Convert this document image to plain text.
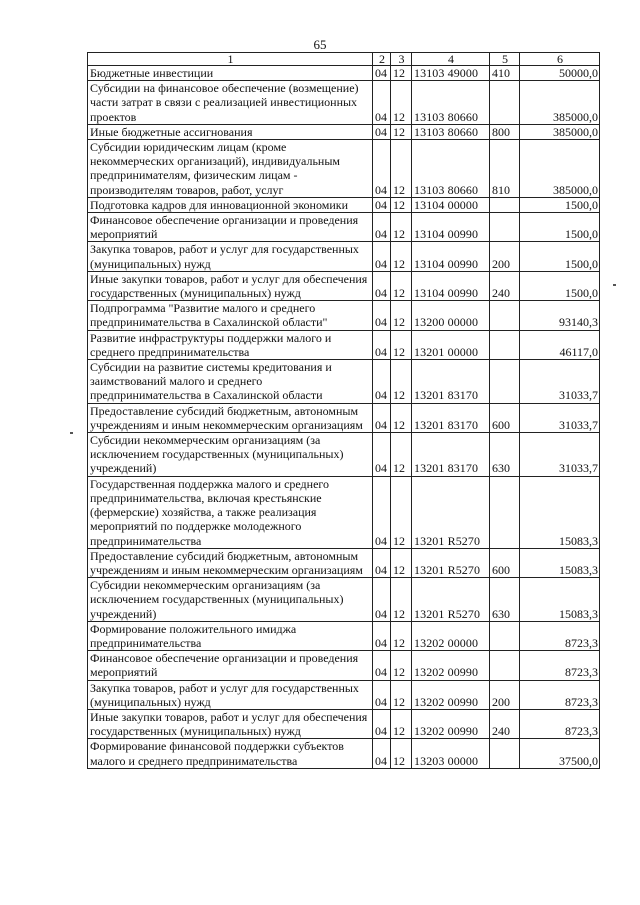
65
1	2	3	4	5	6
Бюджетные инвестиции	04	12	13103 49000	410	50000,0
Субсидии на финансовое обеспечение (возмещение) части затрат в связи с реализацией инвестиционных проектов	04	12	13103 80660		385000,0
Иные бюджетные ассигнования	04	12	13103 80660	800	385000,0
Субсидии юридическим лицам (кроме некоммерческих организаций), индивидуальным предпринимателям, физическим лицам - производителям товаров, работ, услуг	04	12	13103 80660	810	385000,0
Подготовка кадров для инновационной экономики	04	12	13104 00000		1500,0
Финансовое обеспечение организации и проведения мероприятий	04	12	13104 00990		1500,0
Закупка товаров, работ и услуг для государственных (муниципальных) нужд	04	12	13104 00990	200	1500,0
Иные закупки товаров, работ и услуг для обеспечения государственных (муниципальных) нужд	04	12	13104 00990	240	1500,0
Подпрограмма "Развитие малого и среднего предпринимательства в Сахалинской области"	04	12	13200 00000		93140,3
Развитие инфраструктуры поддержки малого и среднего предпринимательства	04	12	13201 00000		46117,0
Субсидии на развитие системы кредитования и заимствований малого и среднего предпринимательства в Сахалинской области	04	12	13201 83170		31033,7
Предоставление субсидий бюджетным, автономным учреждениям и иным некоммерческим организациям	04	12	13201 83170	600	31033,7
Субсидии некоммерческим организациям (за исключением государственных (муниципальных) учреждений)	04	12	13201 83170	630	31033,7
Государственная поддержка малого и среднего предпринимательства, включая крестьянские (фермерские) хозяйства, а также реализация мероприятий по поддержке молодежного предпринимательства	04	12	13201 R5270		15083,3
Предоставление субсидий бюджетным, автономным учреждениям и иным некоммерческим организациям	04	12	13201 R5270	600	15083,3
Субсидии некоммерческим организациям (за исключением государственных (муниципальных) учреждений)	04	12	13201 R5270	630	15083,3
Формирование положительного имиджа предпринимательства	04	12	13202 00000		8723,3
Финансовое обеспечение организации и проведения мероприятий	04	12	13202 00990		8723,3
Закупка товаров, работ и услуг для государственных (муниципальных) нужд	04	12	13202 00990	200	8723,3
Иные закупки товаров, работ и услуг для обеспечения государственных (муниципальных) нужд	04	12	13202 00990	240	8723,3
Формирование финансовой поддержки субъектов малого и среднего предпринимательства	04	12	13203 00000		37500,0
